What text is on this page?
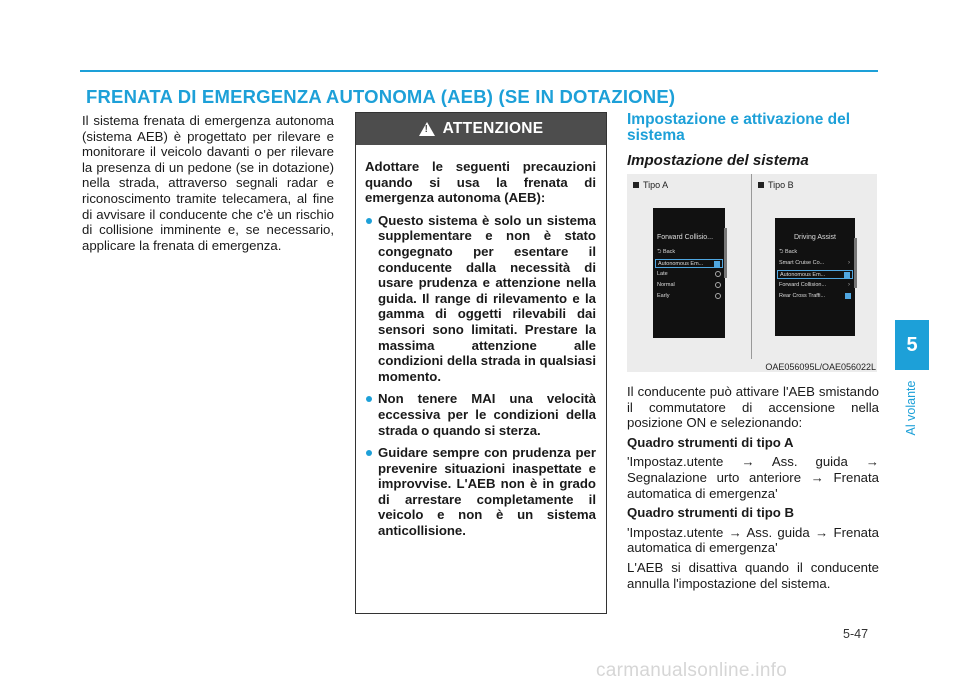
FRENATA DI EMERGENZA AUTONOMA (AEB) (SE IN DOTAZIONE)

Il sistema frenata di emergenza autonoma (sistema AEB) è progettato per rilevare e monitorare il veicolo davanti o per rilevare la presenza di un pedone (se in dotazione) nella strada, attraverso segnali radar e riconoscimento tramite telecamera, al fine di avvisare il conducente che c'è un rischio di collisione imminente e, se necessario, applicare la frenata di emergenza.

! ATTENZIONE

Adottare le seguenti precauzioni quando si usa la frenata di emergenza autonoma (AEB):

Questo sistema è solo un sistema supplementare e non è stato congegnato per esentare il conducente dalla necessità di usare prudenza e attenzione nella guida. Il range di rilevamento e la gamma di oggetti rilevabili dai sensori sono limitati. Prestare la massima attenzione alle condizioni della strada in qualsiasi momento.
Non tenere MAI una velocità eccessiva per le condizioni della strada o quando si sterza.
Guidare sempre con prudenza per prevenire situazioni inaspettate e improvvise. L'AEB non è in grado di arrestare completamente il veicolo e non è un sistema anticollisione.
Impostazione e attivazione del sistema
Impostazione del sistema
Tipo A	Tipo B
Forward Collisio...
⮌ Back
Autonomous Em...
Late
Normal
Early
Driving Assist
⮌ Back
Smart Cruise Co...	›
Autonomous Em...
Forward Collision...	›
Rear Cross Traffi...
OAE056095L/OAE056022L

Il conducente può attivare l'AEB smistando il commutatore di accensione nella posizione ON e selezionando:

Quadro strumenti di tipo A

'Impostaz.utente → Ass. guida → Segnalazione urto anteriore → Frenata automatica di emergenza'

Quadro strumenti di tipo B

'Impostaz.utente → Ass. guida → Frenata automatica di emergenza'

L'AEB si disattiva quando il conducente annulla l'impostazione del sistema.

5-47
5
Al volante
carmanualsonline.info
